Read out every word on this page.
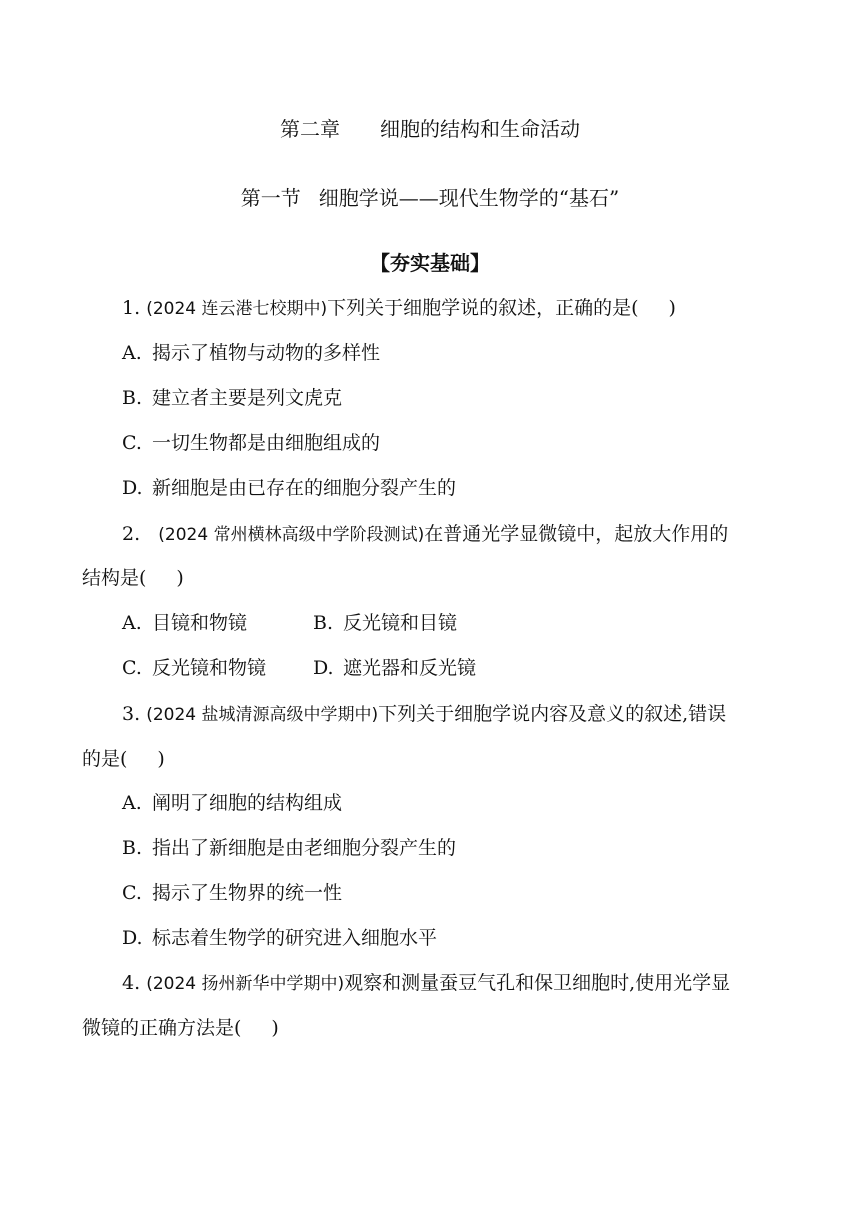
第二章 细胞的结构和生命活动
第一节 细胞学说——现代生物学的“基石”
【夯实基础】
1. (2024 连云港七校期中)下列关于细胞学说的叙述，正确的是( )
A. 揭示了植物与动物的多样性
B. 建立者主要是列文虎克
C. 一切生物都是由细胞组成的
D. 新细胞是由已存在的细胞分裂产生的
2. (2024 常州横林高级中学阶段测试)在普通光学显微镜中，起放大作用的
结构是( )
A. 目镜和物镜	B. 反光镜和目镜
C. 反光镜和物镜 D. 遮光器和反光镜
3. (2024 盐城清源高级中学期中)下列关于细胞学说内容及意义的叙述,错误
的是( )
A. 阐明了细胞的结构组成
B. 指出了新细胞是由老细胞分裂产生的
C. 揭示了生物界的统一性
D. 标志着生物学的研究进入细胞水平
4. (2024 扬州新华中学期中)观察和测量蚕豆气孔和保卫细胞时,使用光学显
微镜的正确方法是( )
